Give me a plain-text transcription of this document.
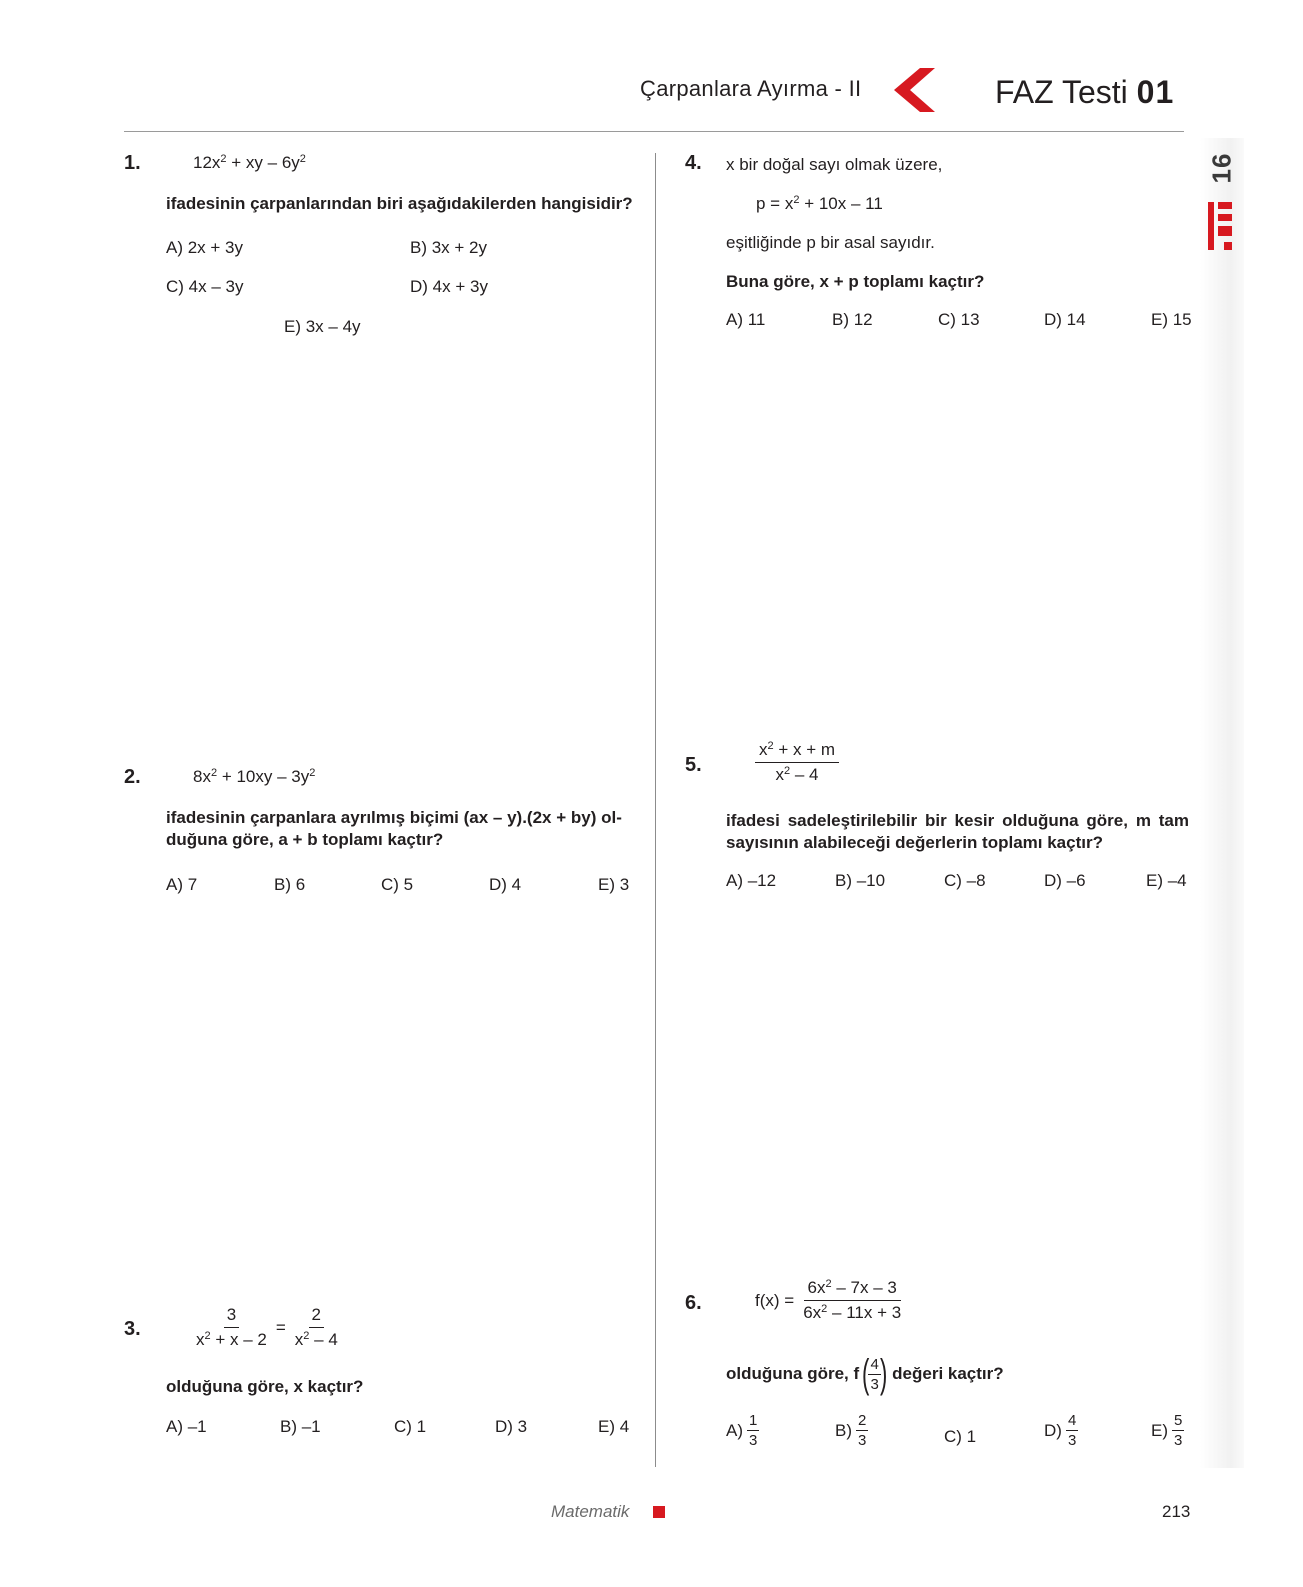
Çarpanlara Ayırma - II	FAZ Testi 01
16
1.	$12x^2$ + xy – $6y^2$
ifadesinin çarpanlarından biri aşağıdakilerden hangisidir?
A) 2x + 3y	B) 3x + 2y
C) 4x – 3y	D) 4x + 3y
E) 3x – 4y
2.	$8x^2 + 10xy - 3y^2$
ifadesinin çarpanlara ayrılmış biçimi (ax – y).(2x + by) ol-
duğuna göre, a + b toplamı kaçtır?
A) 7	B) 6	C) 5	D) 4	E) 3
3.	$\frac{3}{x^2 + x - 2} = \frac{2}{x^2 - 4}$
olduğuna göre, x kaçtır?
A) –1	B) –1	C) 1	D) 3	E) 4
4. x bir doğal sayı olmak üzere,
$p = x^2 + 10x - 11$
eşitliğinde p bir asal sayıdır.
Buna göre, x + p toplamı kaçtır?
A) 11	B) 12	C) 13	D) 14	E) 15
5.	$\frac{x^2 + x + m}{x^2 - 4}$
ifadesi sadeleştirilebilir bir kesir olduğuna göre, m tam
sayısının alabileceği değerlerin toplamı kaçtır?
A) –12	B) –10	C) –8	D) –6	E) –4
6.	$f(x) = \frac{6x^2 - 7x - 3}{6x^2 - 11x + 3}$
olduğuna göre, f (
$\frac{4}{3}$
) değeri kaçtır?
$A) \frac{1}{3}$	$B) \frac{2}{3}$	C) 1	$D) \frac{4}{3}$	$E) \frac{5}{3}$
Matematik	213
